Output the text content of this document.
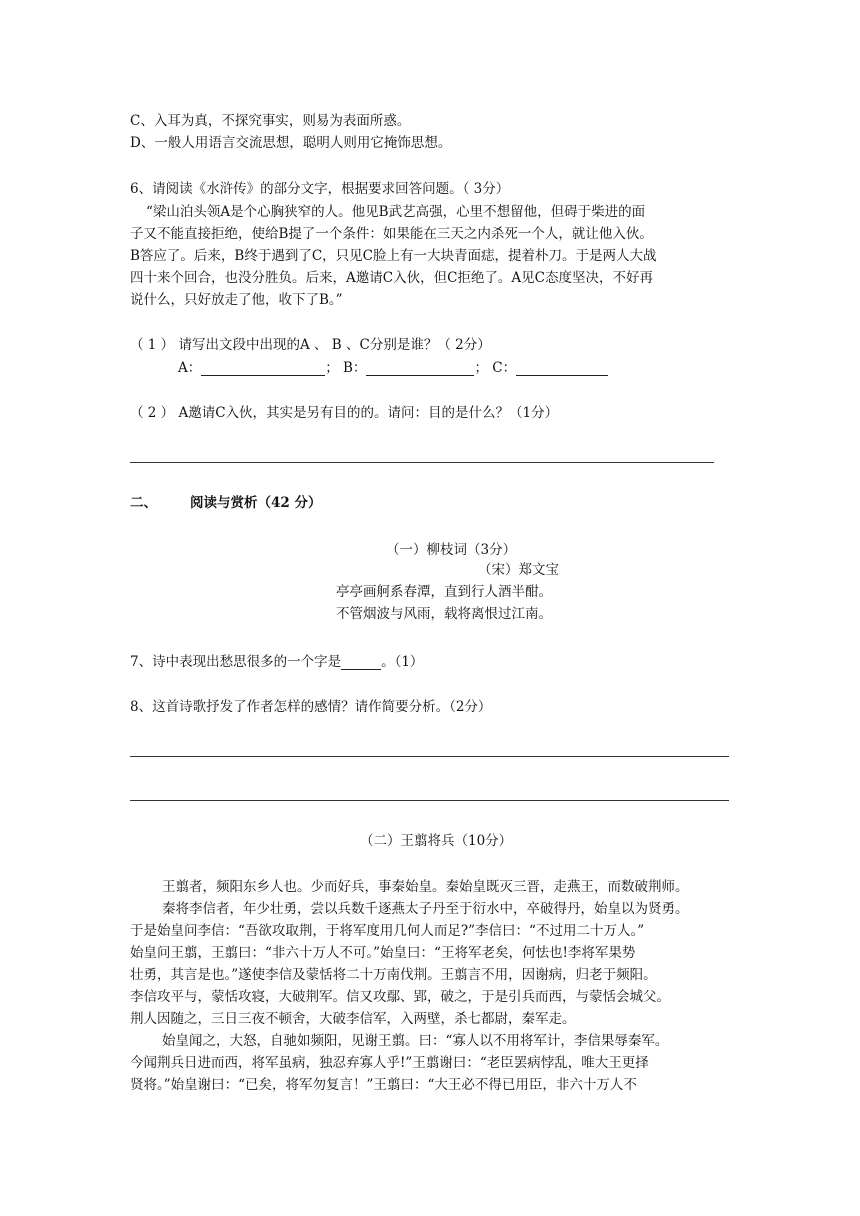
C、入耳为真，不探究事实，则易为表面所惑。
D、一般人用语言交流思想，聪明人则用它掩饰思想。
6、请阅读《水浒传》的部分文字，根据要求回答问题。（ 3分）
“梁山泊头领A是个心胸狭窄的人。他见B武艺高强，心里不想留他，但碍于柴进的面
子又不能直接拒绝，使给B提了一个条件：如果能在三天之内杀死一个人，就让他入伙。
B答应了。后来，B终于遇到了C，只见C脸上有一大块青面痣，提着朴刀。于是两人大战
四十来个回合，也没分胜负。后来，A邀请C入伙，但C拒绝了。A见C态度坚决，不好再
说什么，只好放走了他，收下了B。”
（ 1 ） 请写出文段中出现的A 、 B 、C分别是谁？（ 2分）
A：	； B：	； C：
（ 2 ） A邀请C入伙，其实是另有目的的。请问：目的是什么？（1分）
二、 阅读与赏析（42 分）
（一）柳枝词（3分）
（宋）郑文宝
亭亭画舸系春潭，直到行人酒半酣。
不管烟波与风雨，载将离恨过江南。
7、诗中表现出愁思很多的一个字是	。（1）
8、这首诗歌抒发了作者怎样的感情？请作简要分析。（2分）
（二）王翦将兵（10分）
王翦者，频阳东乡人也。少而好兵，事秦始皇。秦始皇既灭三晋，走燕王，而数破荆师。
秦将李信者，年少壮勇，尝以兵数千逐燕太子丹至于衍水中，卒破得丹，始皇以为贤勇。
于是始皇问李信：“吾欲攻取荆，于将军度用几何人而足?”李信曰：“不过用二十万人。”
始皇问王翦，王翦曰：“非六十万人不可。”始皇曰：“王将军老矣，何怯也!李将军果势
壮勇，其言是也。”遂使李信及蒙恬将二十万南伐荆。王翦言不用，因谢病，归老于频阳。
李信攻平与，蒙恬攻寝，大破荆军。信又攻鄢、郢，破之，于是引兵而西，与蒙恬会城父。
荆人因随之，三日三夜不顿舍，大破李信军，入两壁，杀七都尉，秦军走。
始皇闻之，大怒，自驰如频阳，见谢王翦。曰：“寡人以不用将军计，李信果辱秦军。
今闻荆兵日进而西，将军虽病，独忍弃寡人乎!”王翦谢曰：“老臣罢病悖乱，唯大王更择
贤将。”始皇谢曰：“已矣，将军勿复言！”王翦曰：“大王必不得已用臣，非六十万人不
